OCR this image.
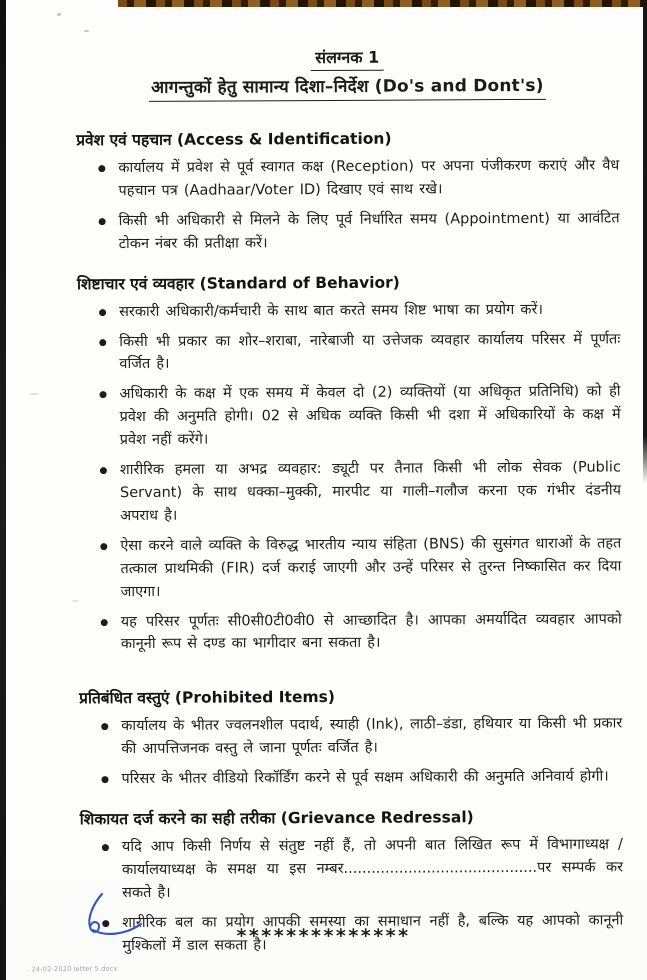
संलग्नक 1
आगन्तुकों हेतु सामान्य दिशा–निर्देश (Do's and Dont's)
प्रवेश एवं पहचान (Access & Identification)
कार्यालय में प्रवेश से पूर्व स्वागत कक्ष (Reception) पर अपना पंजीकरण कराएं और वैध पहचान पत्र (Aadhaar/Voter ID) दिखाए एवं साथ रखे।
किसी भी अधिकारी से मिलने के लिए पूर्व निर्धारित समय (Appointment) या आवंटित टोकन नंबर की प्रतीक्षा करें।
शिष्टाचार एवं व्यवहार (Standard of Behavior)
सरकारी अधिकारी/कर्मचारी के साथ बात करते समय शिष्ट भाषा का प्रयोग करें।
किसी भी प्रकार का शोर–शराबा, नारेबाजी या उत्तेजक व्यवहार कार्यालय परिसर में पूर्णतः वर्जित है।
अधिकारी के कक्ष में एक समय में केवल दो (2) व्यक्तियों (या अधिकृत प्रतिनिधि) को ही प्रवेश की अनुमति होगी। 02 से अधिक व्यक्ति किसी भी दशा में अधिकारियों के कक्ष में प्रवेश नहीं करेंगे।
शारीरिक हमला या अभद्र व्यवहार: ड्यूटी पर तैनात किसी भी लोक सेवक (Public Servant) के साथ धक्का–मुक्की, मारपीट या गाली–गलौज करना एक गंभीर दंडनीय अपराध है।
ऐसा करने वाले व्यक्ति के विरुद्ध भारतीय न्याय संहिता (BNS) की सुसंगत धाराओं के तहत तत्काल प्राथमिकी (FIR) दर्ज कराई जाएगी और उन्हें परिसर से तुरन्त निष्कासित कर दिया जाएगा।
यह परिसर पूर्णतः सी0सी0टी0वी0 से आच्छादित है। आपका अमर्यादित व्यवहार आपको कानूनी रूप से दण्ड का भागीदार बना सकता है।
प्रतिबंधित वस्तुएं (Prohibited Items)
कार्यालय के भीतर ज्वलनशील पदार्थ, स्याही (Ink), लाठी–डंडा, हथियार या किसी भी प्रकार की आपत्तिजनक वस्तु ले जाना पूर्णतः वर्जित है।
परिसर के भीतर वीडियो रिकॉर्डिंग करने से पूर्व सक्षम अधिकारी की अनुमति अनिवार्य होगी।
शिकायत दर्ज करने का सही तरीका (Grievance Redressal)
यदि आप किसी निर्णय से संतुष्ट नहीं हैं, तो अपनी बात लिखित रूप में विभागाध्यक्ष / कार्यालयाध्यक्ष के समक्ष या इस नम्बर..........................................पर सम्पर्क कर सकते है।
शारीरिक बल का प्रयोग आपकी समस्या का समाधान नहीं है, बल्कि यह आपको कानूनी मुश्किलों में डाल सकता है।
**************
. 24-02-2020 letter 5.docx
